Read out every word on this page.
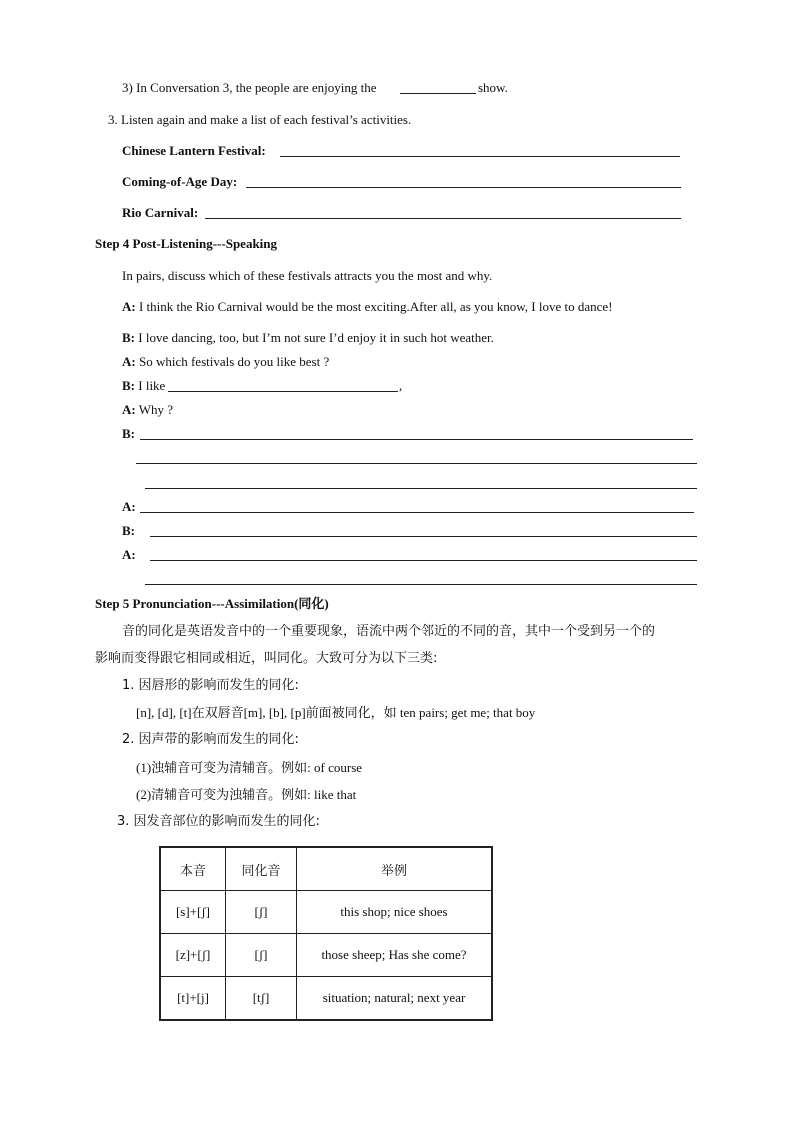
3) In Conversation 3, the people are enjoying the	show.
3. Listen again and make a list of each festival’s activities.
Chinese Lantern Festival:
Coming-of-Age Day:
Rio Carnival:
Step 4 Post-Listening---Speaking
In pairs, discuss which of these festivals attracts you the most and why.
A: I think the Rio Carnival would be the most exciting.After all, as you know, I love to dance!
B: I love dancing, too, but I’m not sure I’d enjoy it in such hot weather.
A: So which festivals do you like best ?
B: I like	,
A: Why ?
B:
A:
B:
A:
Step 5 Pronunciation---Assimilation(同化)
音的同化是英语发音中的一个重要现象，语流中两个邻近的不同的音，其中一个受到另一个的
影响而变得跟它相同或相近，叫同化。大致可分为以下三类:
1. 因唇形的影响而发生的同化:
[n], [d], [t]在双唇音[m], [b], [p]前面被同化，如 ten pairs; get me; that boy
2. 因声带的影响而发生的同化:
(1)浊辅音可变为清辅音。例如: of course
(2)清辅音可变为浊辅音。例如: like that
3. 因发音部位的影响而发生的同化:
本音	同化音	举例
[s]+[ʃ]	[ʃ]	this shop; nice shoes
[z]+[ʃ]	[ʃ]	those sheep; Has she come?
[t]+[j]	[tʃ]	situation; natural; next year
